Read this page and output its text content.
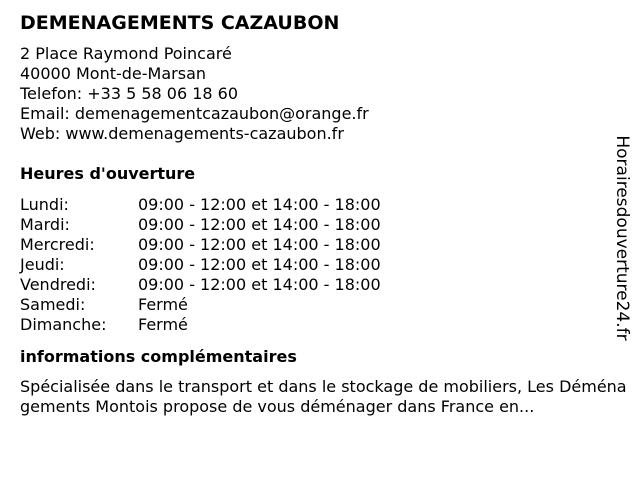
DEMENAGEMENTS CAZAUBON
2 Place Raymond Poincaré
40000 Mont-de-Marsan
Telefon: +33 5 58 06 18 60
Email: demenagementcazaubon@orange.fr
Web: www.demenagements-cazaubon.fr
Heures d'ouverture
Lundi:	09:00 - 12:00 et 14:00 - 18:00
Mardi:	09:00 - 12:00 et 14:00 - 18:00
Mercredi:	09:00 - 12:00 et 14:00 - 18:00
Jeudi:	09:00 - 12:00 et 14:00 - 18:00
Vendredi:	09:00 - 12:00 et 14:00 - 18:00
Samedi:	Fermé
Dimanche:	Fermé
informations complémentaires

Spécialisée dans le transport et dans le stockage de mobiliers, Les Déménagements Montois propose de vous déménager dans France en...

Horairesdouverture24.fr
